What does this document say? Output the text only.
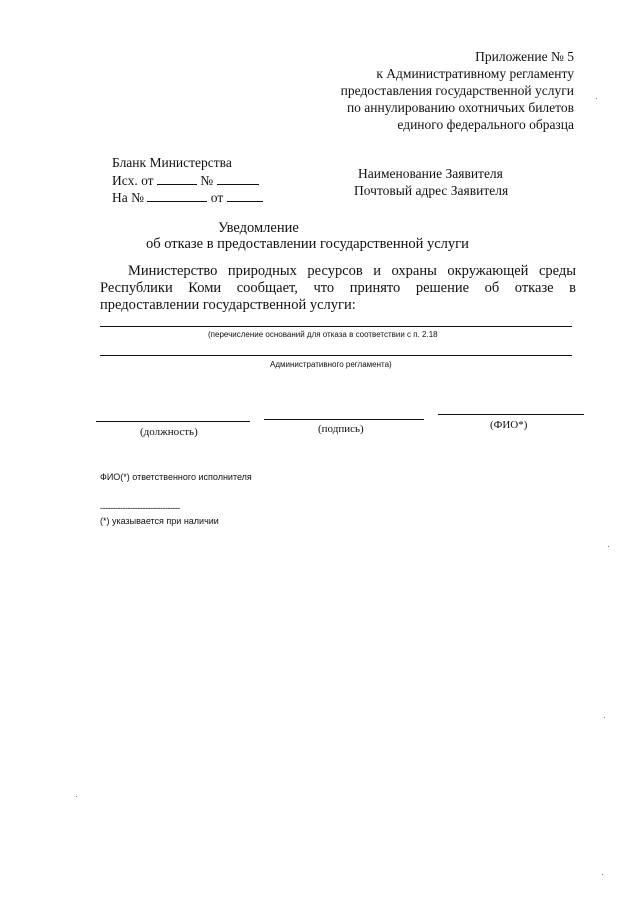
Приложение № 5
к Административному регламенту
предоставления государственной услуги
по аннулированию охотничьих билетов
единого федерального образца
Бланк Министерства
Исх. от	№
На №	от
Наименование Заявителя
Почтовый адрес Заявителя
Уведомление
об отказе в предоставлении государственной услуги
Министерство природных ресурсов и охраны окружающей среды
Республики Коми сообщает, что принято решение об отказе в
предоставлении государственной услуги:
(перечисление оснований для отказа в соответствии с п. 2.18
Административного регламента)
(должность)	(подпись)	(ФИО*)
ФИО(*) ответственного исполнителя
--------------------------------
(*) указывается при наличии
